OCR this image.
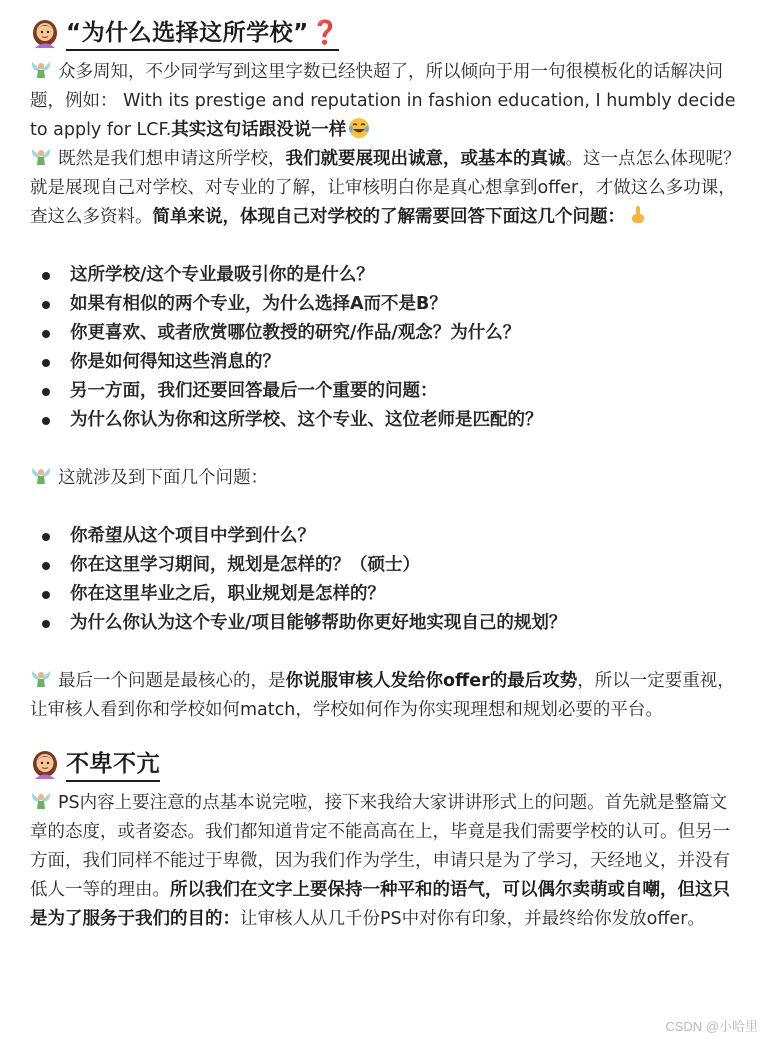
“为什么选择这所学校” ❓

众多周知，不少同学写到这里字数已经快超了，所以倾向于用一句很模板化的话解决问题，例如： With its prestige and reputation in fashion education, I humbly decide to apply for LCF.其实这句话跟没说一样

既然是我们想申请这所学校，我们就要展现出诚意，或基本的真诚。这一点怎么体现呢？就是展现自己对学校、对专业的了解，让审核明白你是真心想拿到offer，才做这么多功课，查这么多资料。简单来说，体现自己对学校的了解需要回答下面这几个问题：

这所学校/这个专业最吸引你的是什么？
如果有相似的两个专业，为什么选择A而不是B？
你更喜欢、或者欣赏哪位教授的研究/作品/观念？为什么？
你是如何得知这些消息的？
另一方面，我们还要回答最后一个重要的问题：
为什么你认为你和这所学校、这个专业、这位老师是匹配的？

这就涉及到下面几个问题：

你希望从这个项目中学到什么？
你在这里学习期间，规划是怎样的？（硕士）
你在这里毕业之后，职业规划是怎样的？
为什么你认为这个专业/项目能够帮助你更好地实现自己的规划？

最后一个问题是最核心的，是你说服审核人发给你offer的最后攻势，所以一定要重视，让审核人看到你和学校如何match，学校如何作为你实现理想和规划必要的平台。

不卑不亢

PS内容上要注意的点基本说完啦，接下来我给大家讲讲形式上的问题。首先就是整篇文章的态度，或者姿态。我们都知道肯定不能高高在上，毕竟是我们需要学校的认可。但另一方面，我们同样不能过于卑微，因为我们作为学生，申请只是为了学习，天经地义，并没有低人一等的理由。所以我们在文字上要保持一种平和的语气，可以偶尔卖萌或自嘲，但这只是为了服务于我们的目的：让审核人从几千份PS中对你有印象，并最终给你发放offer。

CSDN @小哈里
